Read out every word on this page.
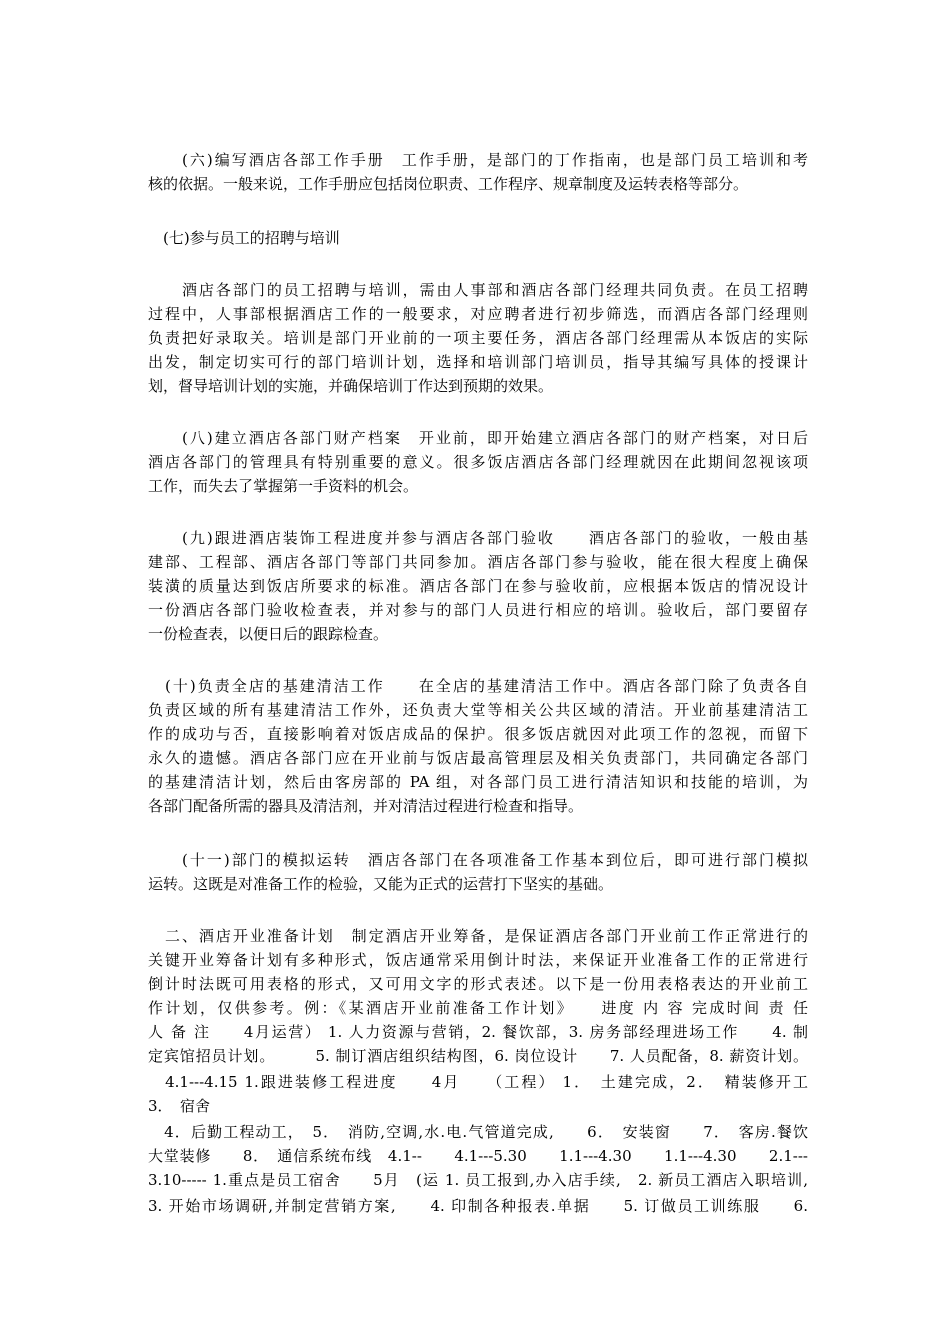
　　(六)编写酒店各部工作手册　工作手册，是部门的丁作指南，也是部门员工培训和考
核的依据。一般来说，工作手册应包括岗位职责、工作程序、规章制度及运转表格等部分。
　(七)参与员工的招聘与培训
　　酒店各部门的员工招聘与培训，需由人事部和酒店各部门经理共同负责。在员工招聘
过程中，人事部根据酒店工作的一般要求，对应聘者进行初步筛选，而酒店各部门经理则
负责把好录取关。培训是部门开业前的一项主要任务，酒店各部门经理需从本饭店的实际
出发，制定切实可行的部门培训计划，选择和培训部门培训员，指导其编写具体的授课计
划，督导培训计划的实施，并确保培训丁作达到预期的效果。
　　(八)建立酒店各部门财产档案　开业前，即开始建立酒店各部门的财产档案，对日后
酒店各部门的管理具有特别重要的意义。很多饭店酒店各部门经理就因在此期间忽视该项
工作，而失去了掌握第一手资料的机会。
　　(九)跟进酒店装饰工程进度并参与酒店各部门验收　　酒店各部门的验收，一般由基
建部、工程部、酒店各部门等部门共同参加。酒店各部门参与验收，能在很大程度上确保
装潢的质量达到饭店所要求的标准。酒店各部门在参与验收前，应根据本饭店的情况设计
一份酒店各部门验收检查表，并对参与的部门人员进行相应的培训。验收后，部门要留存
一份检查表，以便日后的跟踪检查。
　(十)负责全店的基建清洁工作　　在全店的基建清洁工作中。酒店各部门除了负责各自
负责区域的所有基建清洁工作外，还负责大堂等相关公共区域的清洁。开业前基建清洁工
作的成功与否，直接影响着对饭店成品的保护。很多饭店就因对此项工作的忽视，而留下
永久的遗憾。酒店各部门应在开业前与饭店最高管理层及相关负责部门，共同确定各部门
的基建清洁计划，然后由客房部的 PA 组，对各部门员工进行清洁知识和技能的培训，为
各部门配备所需的器具及清洁剂，并对清洁过程进行检查和指导。
　　(十一)部门的模拟运转　酒店各部门在各项准备工作基本到位后，即可进行部门模拟
运转。这既是对准备工作的检验，又能为正式的运营打下坚实的基础。
　二、酒店开业准备计划　制定酒店开业筹备，是保证酒店各部门开业前工作正常进行的
关键开业筹备计划有多种形式，饭店通常采用倒计时法，来保证开业准备工作的正常进行
倒计时法既可用表格的形式，又可用文字的形式表述。以下是一份用表格表达的开业前工
作计划，仅供参考。例：《某酒店开业前准备工作计划》　　进度 内 容 完成时间 责 任
人 备 注　　4月运营） 1. 人力资源与营销，2. 餐饮部，3. 房务部经理进场工作　　4. 制
定宾馆招员计划。　　　5. 制订酒店组织结构图，6. 岗位设计　　7. 人员配备，8. 薪资计划。
　4.1---4.15 1.跟进装修工程进度　　4月　　（工程） 1．　土建完成，2．　精装修开工
3．　宿舍
　4．后勤工程动工，　5．　消防,空调,水.电.气管道完成,　　6．　安装窗　　7．　客房.餐饮
大堂装修　　8．　通信系统布线　4.1--　　4.1---5.30　　1.1---4.30　　1.1---4.30　　2.1---
3.10----- 1.重点是员工宿舍　　5月　(运 1. 员工报到,办入店手续,　2. 新员工酒店入职培训,
3. 开始市场调研,并制定营销方案,　　4. 印制各种报表.单据　　5. 订做员工训练服　　6.
